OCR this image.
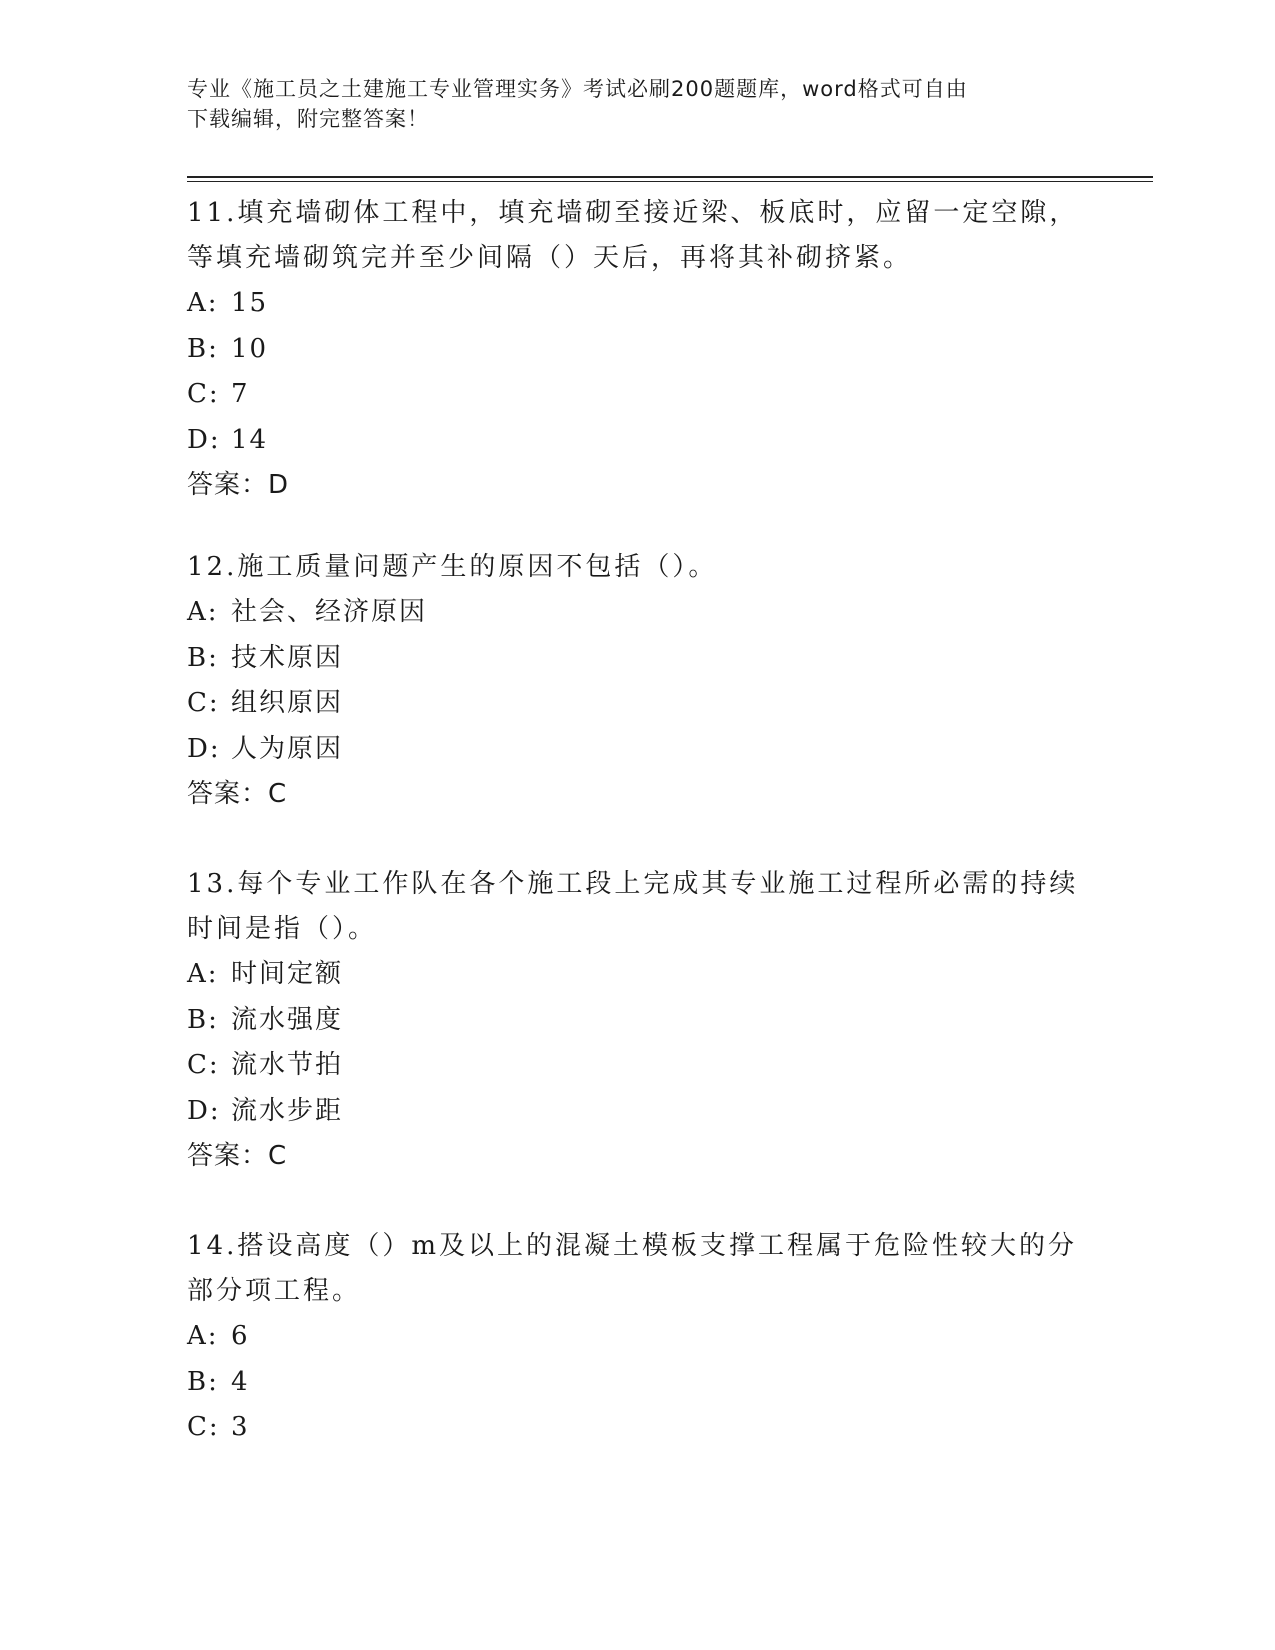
专业《施工员之土建施工专业管理实务》考试必刷200题题库，word格式可自由
下载编辑，附完整答案！
11.填充墙砌体工程中，填充墙砌至接近梁、板底时，应留一定空隙，
等填充墙砌筑完并至少间隔（）天后，再将其补砌挤紧。
A: 15
B: 10
C: 7
D: 14
答案：D
12.施工质量问题产生的原因不包括（）。
A: 社会、经济原因
B: 技术原因
C: 组织原因
D: 人为原因
答案：C
13.每个专业工作队在各个施工段上完成其专业施工过程所必需的持续
时间是指（）。
A: 时间定额
B: 流水强度
C: 流水节拍
D: 流水步距
答案：C
14.搭设高度（）m及以上的混凝土模板支撑工程属于危险性较大的分
部分项工程。
A: 6
B: 4
C: 3
